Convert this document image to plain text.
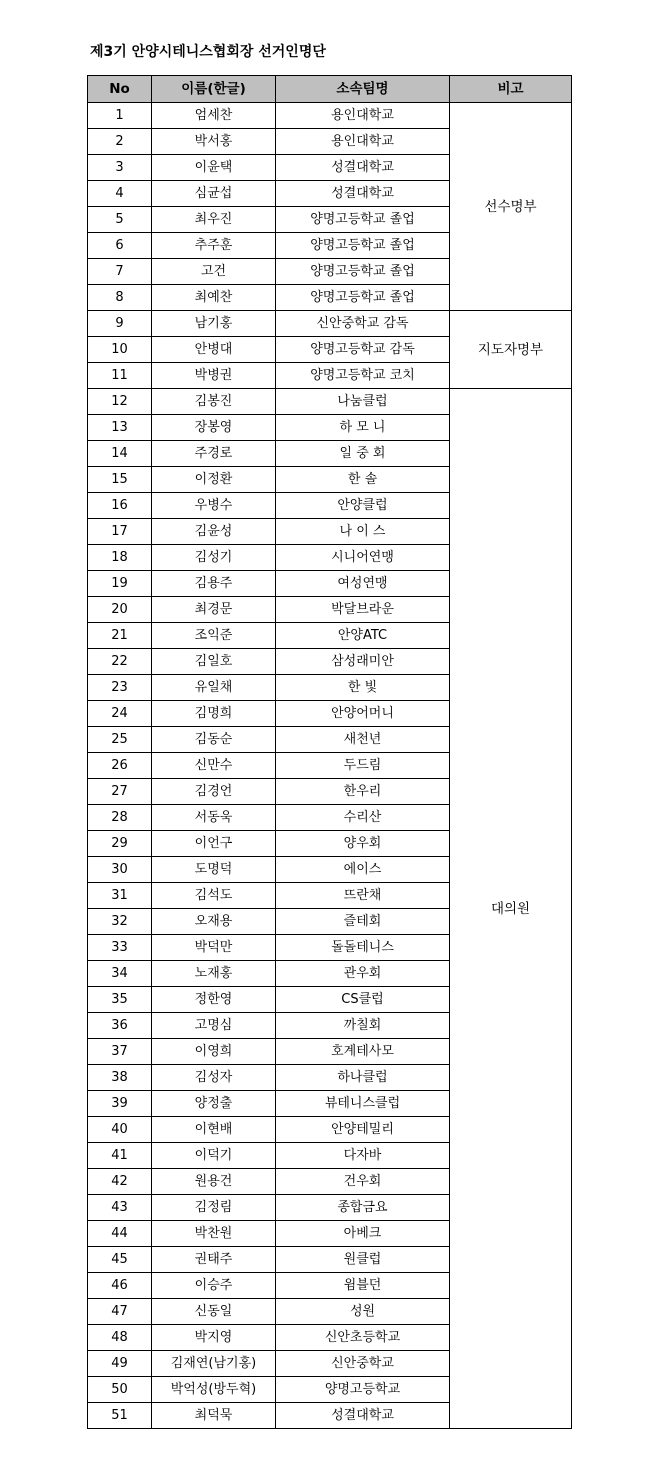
제3기 안양시테니스협회장 선거인명단
No	이름(한글)	소속팀명	비고
1	엄세찬	용인대학교	선수명부
2	박서홍	용인대학교	
3	이윤택	성결대학교	
4	심균섭	성결대학교	
5	최우진	양명고등학교 졸업	
6	추주훈	양명고등학교 졸업	
7	고건	양명고등학교 졸업	
8	최예찬	양명고등학교 졸업	
9	남기홍	신안중학교 감독	지도자명부
10	안병대	양명고등학교 감독	
11	박병권	양명고등학교 코치	
12	김봉진	나눔클럽	대의원
13	장봉영	하 모 니	
14	주경로	일 중 회	
15	이정환	한 솔	
16	우병수	안양클럽	
17	김윤성	나 이 스	
18	김성기	시니어연맹	
19	김용주	여성연맹	
20	최경문	박달브라운	
21	조익준	안양ATC	
22	김일호	삼성래미안	
23	유일채	한 빛	
24	김명희	안양어머니	
25	김동순	새천년	
26	신만수	두드림	
27	김경언	한우리	
28	서동욱	수리산	
29	이언구	양우회	
30	도명덕	에이스	
31	김석도	뜨란채	
32	오재용	즐테회	
33	박덕만	돌돌테니스	
34	노재홍	관우회	
35	정한영	CS클럽	
36	고명심	까칠회	
37	이영희	호계테사모	
38	김성자	하나클럽	
39	양정출	뷰테니스클럽	
40	이현배	안양테밀리	
41	이덕기	다자바	
42	원용건	건우회	
43	김정림	종합금요	
44	박찬원	아베크	
45	권태주	원클럽	
46	이승주	윔블던	
47	신동일	성원	
48	박지영	신안초등학교	
49	김재연(남기홍)	신안중학교	
50	박억성(방두혁)	양명고등학교	
51	최덕묵	성결대학교	
